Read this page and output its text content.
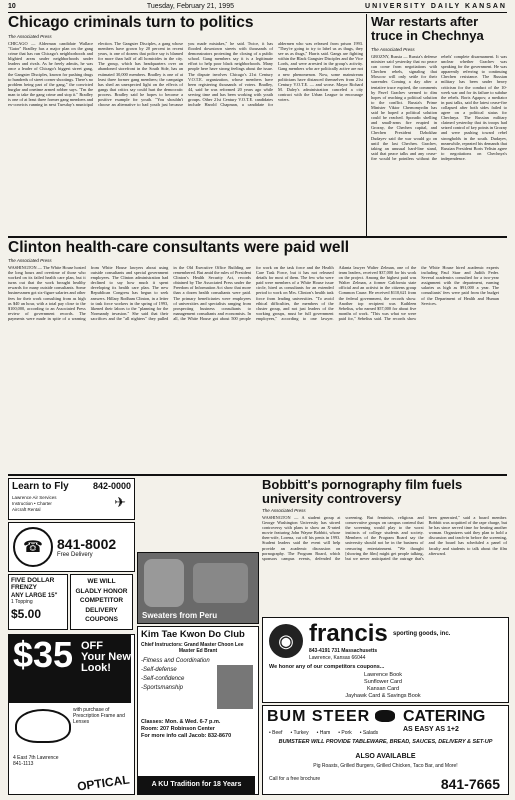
10	Tuesday, February 21, 1995	UNIVERSITY DAILY KANSAN
Chicago criminals turn to politics
The Associated Press
CHICAGO — Alderman candidate Wallace "Gator" Bradley has a major plan on the gang crime that has run Chicago's neighborhoods and blighted areas under neighborhoods under leaders and rivals. As he freely admits, he was once a leader of Chicago's biggest street gang, the Gangster Disciples, known for pushing drugs to hundreds of street corner shootings. There's no problem being part of the gang," the convicted burglar and onetime armed robber says. "I'm the man to take the gang crime and stop it." Bradley is one of at least three former gang members and ex-convicts running in next Tuesday's municipal election. The Gangster Disciples, a gang whose members have grown by 20 percent in recent years, is one of dozens that police say is blamed for more than half of all homicides in the city. The group, which has headquarters over an abandoned storefront in the South Side, has an estimated 30,000 members. Bradley is one of at least three former gang members; the campaign has shed an unexpected light on the effects of gangs that critics say could hurt the democratic process. Bradley said he hopes to become a positive example for youth. "You shouldn't choose an alternative to bad youth just because you made mistakes," he said. Twice, it has flooded downtown streets with thousands of demonstrators protesting the closing of a public school. Gang members say it is a legitimate effort to help poor black neighborhoods. Many people here have strong feelings about the issue. The dispute involves Chicago's 21st Century V.O.T.E. organization, whose members have been registering thousands of voters. Bradley, 44, said he was reformed 20 years ago while serving time and has been working with youth groups. Other 21st Century V.O.T.E. candidates include Harold Chapman, a candidate for aldermen who was released from prison 1993. "They're going to try to label us as thugs, they see us as thugs," Harris said. Gangs are fighting within the Black Gangster Disciples and the Vice Lords, and were arrested in the group's activity. Gang members who are politically active are not a new phenomenon. Now, some mainstream politicians have distanced themselves from 21st Century V.O.T.E. — and worse. Mayor Richard M. Daley's administration canceled a city contract with the Urban League to encourage voters.
War restarts after truce in Chechnya
The Associated Press
GROZNY, Russia — Russia's defense minister said yesterday that no peace can come from negotiations with Chechen rebels, signaling that Moscow will only settle for their surrender. Coming a day after a tentative truce expired, the comments by Pavel Grachev seemed to dim hopes of reaching a political solution to the conflict. Russia's Prime Minister Viktor Chernomyrdin has said he hoped a political solution could be reached. Sporadic shelling and small-arms fire erupted in Grozny, the Chechen capital, and Chechen President Dzhokhar Dudayev said the war would go on until the last Chechen. Grachev, taking an unusual hard-line stand, said that peace talks and any cease-fire would be pointless without the rebels' complete disarmament. It was unclear whether Grachev was speaking for the government. He was apparently referring to continuing Chechen resistance. The Russian military has been under heavy criticism for the conduct of the 10-week war and for its failure to subdue the rebels. Boris Agapov, a mediator in past talks, said the latest cease-fire collapsed after both sides failed to agree on a political status for Chechnya. The Russian military claimed yesterday that its troops had seized control of key points in Grozny and were pushing toward rebel strongholds in the south. Dudayev, meanwhile, repeated his demands that Russian President Boris Yeltsin agree to negotiations on Chechnya's independence.
Clinton health-care consultants were paid well
The Associated Press
WASHINGTON — The White House hosted the long hours and overtime of those who worked on its failed health care plan, but it turns out that the work brought healthy rewards for many outside consultants. Some businessmen got six-figure salaries and other fees for their work consulting from as high as $40 an hour, with a total pay close to the $100,000, according to an Associated Press review of government records. The payments were made in spite of a warning from White House lawyers about using outside consultants and special government employees. The Clinton administration had declined to say how much it spent developing its health care plan. The new Republican Congress has begun to seek answers. Hillary Rodham Clinton, in a letter to task force workers in the spring of 1993, likened their labors to the "planning for the Normandy invasion." She said that their sacrifices and the "all nighters" they pulled in the Old Executive Office Building are remembered. But amid the rules of President Clinton's Health Security Act, records obtained by The Associated Press under the Freedom of Information Act show that more than a dozen health consultants were paid. The primary beneficiaries were employees of universities and specialists ranging from prospecting business consultants to management consultants and economists. In all, the White House got about 500 people for work on the task force and the Health Care Task Force, but it has not released details for most of them. The few who were paid were members of a White House issue circle, hired as consultants for an extended period to work on Mrs. Clinton's health task force from leading universities. "To avoid ethical difficulties, the members of the cluster group, and not just leaders of the working groups, must be full government employees," according to one lawyer. Atlanta lawyer Walter Zelman, one of the team leaders, received $37,000 for his work on the project. Among the highest paid was Walter Zelman, a former California state official and an activist in the citizens group Common Cause. He received $110,621 from the federal government, the records show. Another top recipient was Kathleen Sebelius, who earned $57,000 for about five months of work. "This was what we were paid for," Sebelius said. The records show the White House hired academic experts including Paul Starr and Judith Feder. Several academics consulted for a two-year assignment with the department, earning salaries as high as $91,000 a year. The consultants' fees were paid from the budget of the Department of Health and Human Services.
Bobbitt's pornography film fuels university controversy
The Associated Press
WASHINGTON — A student group at George Washington University has stirred controversy with plans to show an X-rated movie featuring John Wayne Bobbitt, whose then-wife, Lorena, cut off his penis in 1993. Student leaders said the event will help provide an academic discussion on pornography. The Program Board, which sponsors campus events, defended the screening. But feminists, religious and conservative groups on campus contend that the screening would play to the worst instincts of college students and society. Members of the Program Board say the university should not be in the business of censoring entertainment. "We thought [showing the film] might get people talking, but we never anticipated the outrage that's been generated," said a board member. Bobbitt was acquitted of the rape charge, but he has since served time for beating another woman. Organizers said they plan to hold a discussion and teach-in before the screening, and the board has scheduled a panel of faculty and students to talk about the film afterward.
Learn to Fly
Lawrence Air Services
Instruction • Charter
Aircraft Rental
842-0000
✈
☎	841-8002
Free Delivery
FIVE DOLLAR FRENZY
ANY LARGE 15"
1 Topping
$5.00
WE WILL
GLADLY HONOR
COMPETITOR
DELIVERY
COUPONS
$35 OFF
Your New
Look!
with purchase of Prescription Frame and Lenses
4 East 7th Lawrence
841-1113
OPTICAL
Sweaters from Peru
Kim Tae Kwon Do Club
Chief Instructors: Grand Master Choon Lee
Master Ed Brant
-Fitness and Coordination
-Self-defense
-Self-confidence
-Sportsmanship
Classes: Mon. & Wed. 6-7 p.m.
Room: 207 Robinson Center
For more info call Jacob: 832-8670
A KU Tradition for 18 Years
◉ francis sporting goods, inc.
843-4191 731 Massachusetts
Lawrence, Kansas 66044
We honor any of our competitors coupons...
Lawrence Book
Sunflower Card
Kansan Card
Jayhawk Card & Savings Book
BUM STEER CATERING
AS EASY AS 1+2
• Beef • Turkey • Ham • Pork • Salads
BUMSTEER WILL PROVIDE TABLEWARE, BREAD, SAUCES, DELIVERY & SET-UP
ALSO AVAILABLE
Pig Roasts, Grilled Burgers, Grilled Chicken, Taco Bar, and More!
Call for a free brochure	841-7665
